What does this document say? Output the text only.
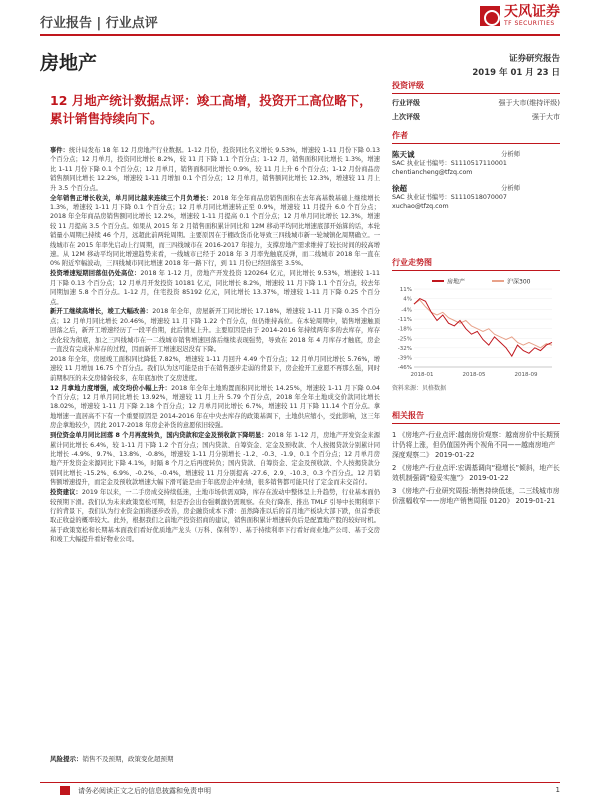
行业报告 | 行业点评
天风证券
TF SECURITIES
房地产	证券研究报告
2019 年 01 月 23 日
12 月地产统计数据点评：竣工高增，投资开工高位略下，累计销售持续向下。

事件：统计局发布 18 年 12 月房地产行业数据。1-12 月份，投资同比名义增长 9.53%，增速较 1-11 月份下降 0.13 个百分点；12 月单月，投资同比增长 8.2%，较 11 月下降 1.1 个百分点；1-12 月，销售面积同比增长 1.3%，增速比 1-11 月份下降 0.1 个百分点；12 月单月，销售面积同比增长 0.9%，较 11 月上升 6 个百分点；1-12 月份商品房销售额同比增长 12.2%，增速较 1-11 月增加 0.1 个百分点；12 月单月，销售额同比增长 12.3%，增速较 11 月上升 3.5 个百分点。

全年销售正增长收关，单月同比越来连续三个月负增长：2018 年全年商品房销售面积在去年高基数基础上继续增长 1.3%，增速较 1-11 月下降 0.1 个百分点；12 月单月同比增速转正至 0.9%，增速较 11 月提升 6.0 个百分点；2018 年全年商品房销售额同比增长 12.2%，增速较 1-11 月提高 0.1 个百分点；12 月单月同比增长 12.3%，增速较 11 月提高 3.5 个百分点。如果从 2015 年 2 月销售面积累计同比和 12M 移动平均同比增速底部开始算的话，本轮销量小周期已持续 46 个月，远超此前两轮周期。主要原因在于棚改货币化导致三四线城市新一轮城镇化周期确立。一线城市在 2015 年率先启动上行周期，而三四线城市在 2016-2017 年接力，支撑房地产需求维持了较长时间的较高增速。从 12M 移动平均同比增速趋势来看，一线城市已经于 2018 年 3 月率先触底反弹，而二线城市 2018 年一直在 0% 附近窄幅波动，三四线城市同比增速 2018 年一路下行，到 11 月份已经回落至 3.5%。

投资增速短期回落但仍处高位：2018 年 1-12 月，房地产开发投资 120264 亿元，同比增长 9.53%，增速较 1-11 月下降 0.13 个百分点；12 月单月开发投资 10181 亿元，同比增长 8.2%，增速较 11 月下降 1.1 个百分点，较去年同期加速 5.8 个百分点。1-12 月，住宅投资 85192 亿元，同比增长 13.37%，增速较 1-11 月下降 0.25 个百分点。

新开工继续高增长，竣工大幅改善：2018 年全年，房屋新开工同比增长 17.18%，增速较 1-11 月下降 0.35 个百分点；12 月单月同比增长 20.46%，增速较 11 月下降 1.22 个百分点，但仍维持高位。在本轮周期中，销售增速触顶回落之后，新开工增速经历了一段平台期，此后情复上升。主要原因是由于 2014-2016 年持续两年多的去库存，库存去化较为彻底，加之三四线城市在一二线城市销售增速回落后继续表现强势，导致在 2018 年 4 月库存才触底，房企一直没有完成补库存的过程，因而新开工增速迟迟没有下降。

2018 年全年，房屋竣工面积同比降低 7.82%，增速较 1-11 月回升 4.49 个百分点；12 月单月同比增长 5.76%，增速较 11 月增加 16.75 个百分点。我们认为这可能是由于在销售逐步走弱的背景下，房企抢开工意愿不再那么强，同时前期积压的未交房储备较多，在年底加快了交房进度。

12 月拿地力度增强，成交均价小幅上升：2018 年全年土地购置面积同比增长 14.25%，增速较 1-11 月下降 0.04 个百分点；12 月单月同比增长 13.92%，增速较 11 月上升 5.79 个百分点，2018 年全年土地成交价款同比增长 18.02%，增速较 1-11 月下降 2.18 个百分点；12 月单月同比增长 6.7%，增速较 11 月下降 11.14 个百分点。拿地增速一直居高不下有一个重要原因是 2014-2016 年在中央去库存的政策基调下，土地供应缩小，受此影响，这三年房企拿地较少，因此 2017-2018 年房企补货的意愿依旧较强。

到位资金单月同比回落 8 个月再度转负，国内贷款和定金及预收款下降明显：2018 年 1-12 月，房地产开发资金来源累计同比增长 6.4%，较 1-11 月下降 1.2 个百分点；国内贷款、自筹资金、定金及预收款、个人按揭贷款分别累计同比增长 -4.9%、9.7%、13.8%、-0.8%，增速较 1-11 月分别增长 -1.2、-0.3、-1.9、0.1 个百分点；12 月单月房地产开发资金来源同比下降 4.1%，时隔 8 个月之后再度转负；国内贷款、自筹资金、定金及预收款、个人按揭贷款分别同比增长 -15.2%、6.9%、-0.2%、-0.4%，增速较 11 月分别提高 -27.6、2.9、-10.3、0.3 个百分点。12 月销售额增速提升，而定金及预收款增速大幅下滑可能是由于年底房企冲业绩，很多销售都可能只付了定金而未交首付。

投资建议：2019 年以来，一二手房成交持续低迷，土地市场供需双降，库存在波动中整体呈上升趋势，行业基本面仍较预期下滑。我们认为未来政策宽松可期，但是否会出台强刺激仍需观察。在央行降准、推出 TMLF 引导中长期利率下行的背景下，我们认为行业资金面将逐步改善，房企融资成本下滑：虽然降准以后的首月地产板块大部下跌，但首季获取正收益的概率较大。此外，根据我们之前地产投资招商的建议，销售面积累计增速转负后是配置地产股的较好时机。基于政策宽松和长期基本面我们看好优质地产龙头（万科、保利等）、基于持续利率下行看好商业地产公司、基于交房和竣工大幅提升看好物业公司。

风险提示：销售不及预期，政策变化超预期
投资评级
行业评级	强于大市(维持评级)
上次评级	强于大市
作者
陈天诚	分析师
SAC 执业证书编号：S1110517110001
chentiancheng@tfzq.com
徐超	分析师
SAC 执业证书编号：S1110518070007
xuchao@tfzq.com
行业走势图
房地产	沪深300
11%
4%
-4%
-11%
-18%
-25%
-32%
-39%
-46%
2018-01	2018-05	2018-09
资料来源：贝格数据
相关报告
1 《房地产-行业点评:越南房价观察：越南房价中长期预计仍将上涨，但仍值国外两个视角不同——越南房地产深度观察二》 2019-01-22
2 《房地产-行业点评:宏调基调向“稳增长”倾斜，地产长效机制强调“稳妥实施”》 2019-01-22
3 《房地产-行业研究周报:销售持续低迷，二三线城市房价涨幅收窄——房地产销售周报 0120》 2019-01-21
请务必阅读正文之后的信息披露和免责申明	1
